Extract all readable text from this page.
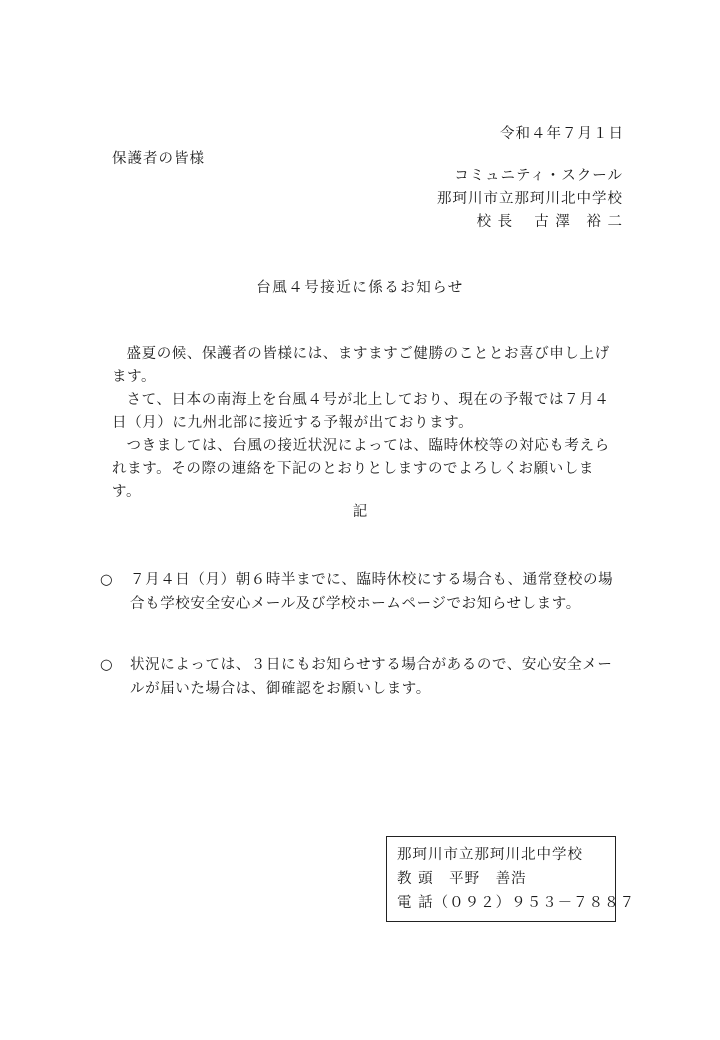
令和４年７月１日
保護者の皆様
コミュニティ・スクール
那珂川市立那珂川北中学校
校 長　 古 澤　裕 二
台風４号接近に係るお知らせ
盛夏の候、保護者の皆様には、ますますご健勝のこととお喜び申し上げます。
さて、日本の南海上を台風４号が北上しており、現在の予報では７月４日（月）に九州北部に接近する予報が出ております。
つきましては、台風の接近状況によっては、臨時休校等の対応も考えられます。その際の連絡を下記のとおりとしますのでよろしくお願いします。
記
○	７月４日（月）朝６時半までに、臨時休校にする場合も、通常登校の場合も学校安全安心メール及び学校ホームページでお知らせします。
○	状況によっては、３日にもお知らせする場合があるので、安心安全メールが届いた場合は、御確認をお願いします。
那珂川市立那珂川北中学校
教 頭　平野　善浩
電 話（０９２）９５３－７８８７
